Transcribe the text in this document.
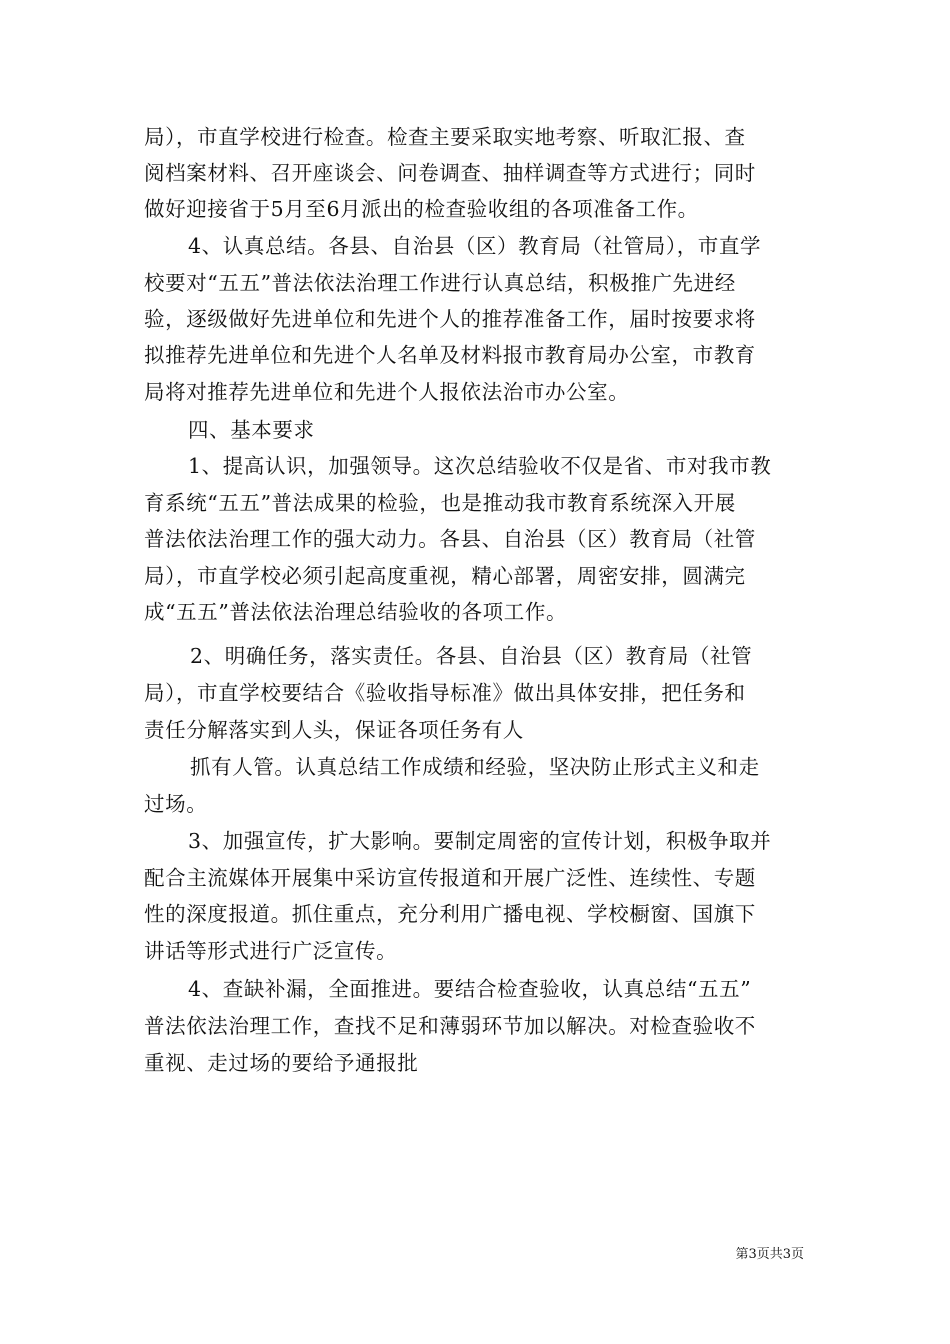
局），市直学校进行检查。检查主要采取实地考察、听取汇报、查
阅档案材料、召开座谈会、问卷调查、抽样调查等方式进行；同时
做好迎接省于5月至6月派出的检查验收组的各项准备工作。
4、认真总结。各县、自治县（区）教育局（社管局），市直学
校要对“五五”普法依法治理工作进行认真总结，积极推广先进经
验，逐级做好先进单位和先进个人的推荐准备工作，届时按要求将
拟推荐先进单位和先进个人名单及材料报市教育局办公室，市教育
局将对推荐先进单位和先进个人报依法治市办公室。
四、基本要求
1、提高认识，加强领导。这次总结验收不仅是省、市对我市教
育系统“五五”普法成果的检验，也是推动我市教育系统深入开展
普法依法治理工作的强大动力。各县、自治县（区）教育局（社管
局），市直学校必须引起高度重视，精心部署，周密安排，圆满完
成“五五”普法依法治理总结验收的各项工作。
2、明确任务，落实责任。各县、自治县（区）教育局（社管
局），市直学校要结合《验收指导标准》做出具体安排，把任务和
责任分解落实到人头，保证各项任务有人
抓有人管。认真总结工作成绩和经验，坚决防止形式主义和走
过场。
3、加强宣传，扩大影响。要制定周密的宣传计划，积极争取并
配合主流媒体开展集中采访宣传报道和开展广泛性、连续性、专题
性的深度报道。抓住重点，充分利用广播电视、学校橱窗、国旗下
讲话等形式进行广泛宣传。
4、查缺补漏，全面推进。要结合检查验收，认真总结“五五”
普法依法治理工作，查找不足和薄弱环节加以解决。对检查验收不
重视、走过场的要给予通报批
第3页共3页
